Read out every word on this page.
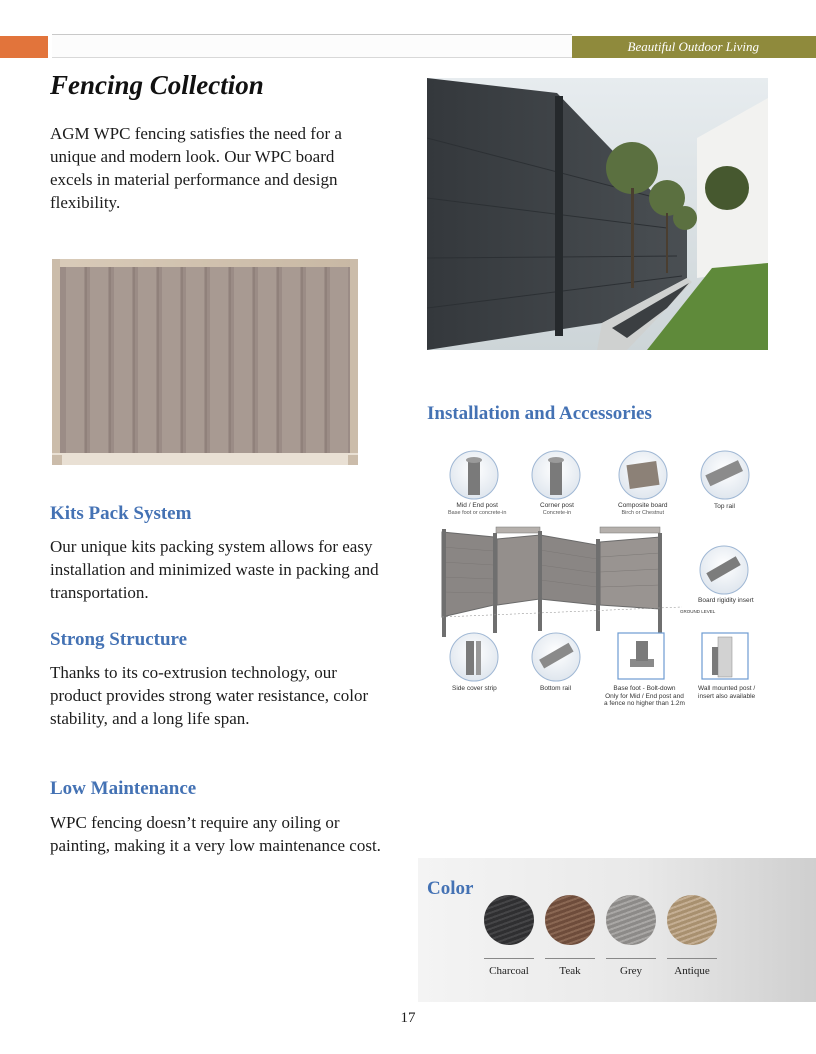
Beautiful Outdoor Living
Fencing Collection

AGM WPC fencing satisfies the need for a unique and modern look. Our WPC board excels in material performance and design flexibility.

Kits Pack System

Our unique kits packing system allows for easy installation and minimized waste in packing and transportation.

Strong Structure

Thanks to its co-extrusion technology, our product provides strong water resistance, color stability, and a long life span.

Low Maintenance

WPC fencing doesn’t require any oiling or painting, making it a very low maintenance cost.

Installation and Accessories
Mid / End post
Base foot or concrete-in
Corner post
Concrete-in
Composite board
Birch or Chestnut
Top rail
Board rigidity insert
GROUND LEVEL
Side cover strip	Bottom rail	Base foot - Bolt-down
Only for Mid / End post and
a fence no higher than 1.2m
Wall mounted post /
insert also available
Color
Charcoal	Teak	Grey	Antique
17
